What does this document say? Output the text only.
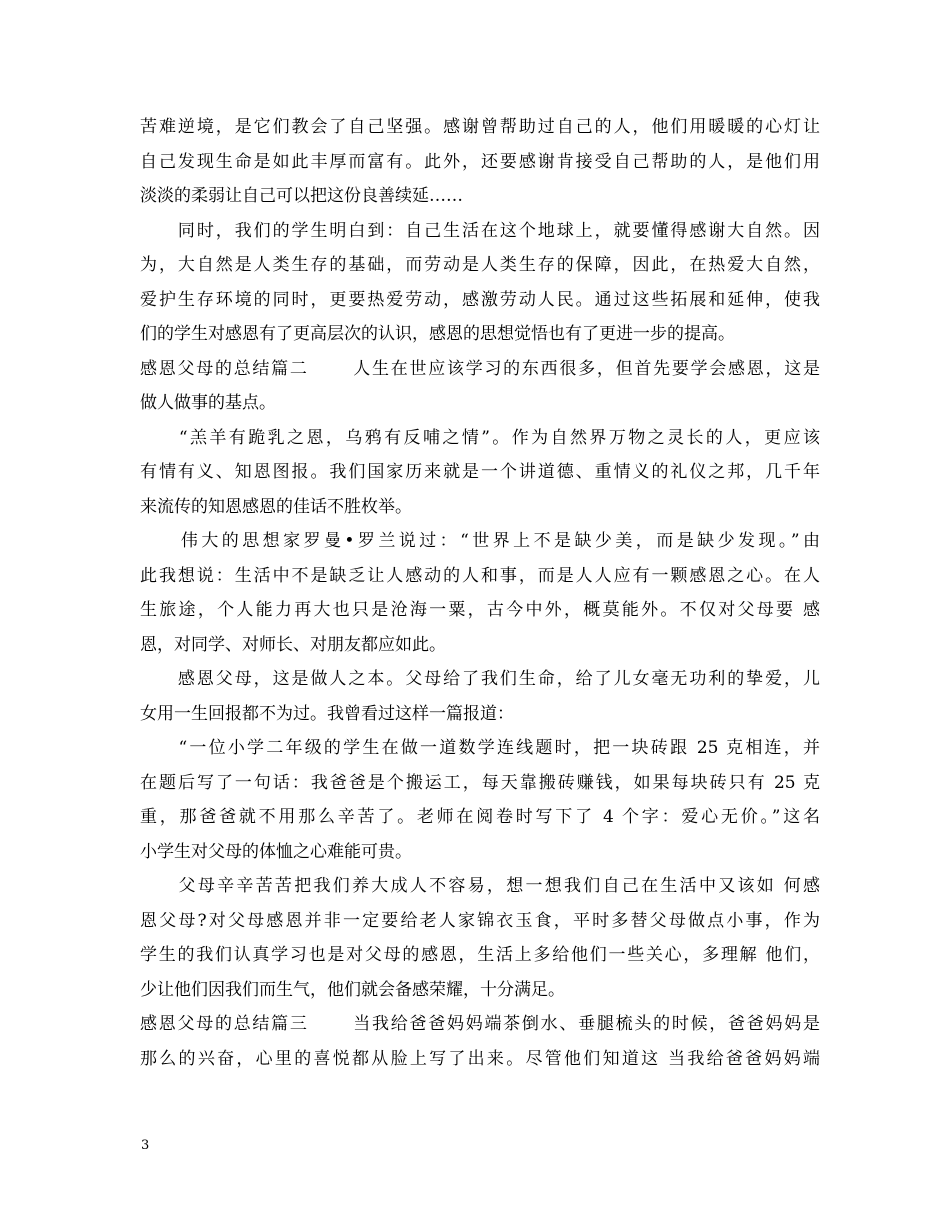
苦难逆境，是它们教会了自己坚强。感谢曾帮助过自己的人，他们用暖暖的心灯让
自己发现生命是如此丰厚而富有。此外，还要感谢肯接受自己帮助的人，是他们用
淡淡的柔弱让自己可以把这份良善续延……
　　同时，我们的学生明白到：自己生活在这个地球上，就要懂得感谢大自然。因
为，大自然是人类生存的基础，而劳动是人类生存的保障，因此，在热爱大自然，
爱护生存环境的同时，更要热爱劳动，感激劳动人民。通过这些拓展和延伸，使我
们的学生对感恩有了更高层次的认识，感恩的思想觉悟也有了更进一步的提高。
感恩父母的总结篇二　　 人生在世应该学习的东西很多，但首先要学会感恩，这是
做人做事的基点。
　　“羔羊有跪乳之恩，乌鸦有反哺之情”。作为自然界万物之灵长的人，更应该
有情有义、知恩图报。我们国家历来就是一个讲道德、重情义的礼仪之邦，几千年
来流传的知恩感恩的佳话不胜枚举。
　　伟大的思想家罗曼•罗兰说过：“世界上不是缺少美，而是缺少发现。”由
此我想说：生活中不是缺乏让人感动的人和事，而是人人应有一颗感恩之心。在人
生旅途，个人能力再大也只是沧海一粟，古今中外，概莫能外。不仅对父母要 感
恩，对同学、对师长、对朋友都应如此。
　　感恩父母，这是做人之本。父母给了我们生命，给了儿女毫无功利的挚爱，儿
女用一生回报都不为过。我曾看过这样一篇报道：
　　“一位小学二年级的学生在做一道数学连线题时，把一块砖跟 25 克相连，并
在题后写了一句话：我爸爸是个搬运工，每天靠搬砖赚钱，如果每块砖只有 25 克
重，那爸爸就不用那么辛苦了。老师在阅卷时写下了 4 个字：爱心无价。”这名
小学生对父母的体恤之心难能可贵。
　　父母辛辛苦苦把我们养大成人不容易，想一想我们自己在生活中又该如 何感
恩父母?对父母感恩并非一定要给老人家锦衣玉食，平时多替父母做点小事，作为
学生的我们认真学习也是对父母的感恩，生活上多给他们一些关心，多理解 他们，
少让他们因我们而生气，他们就会备感荣耀，十分满足。
感恩父母的总结篇三　　 当我给爸爸妈妈端茶倒水、垂腿梳头的时候，爸爸妈妈是
那么的兴奋，心里的喜悦都从脸上写了出来。尽管他们知道这 当我给爸爸妈妈端
3
